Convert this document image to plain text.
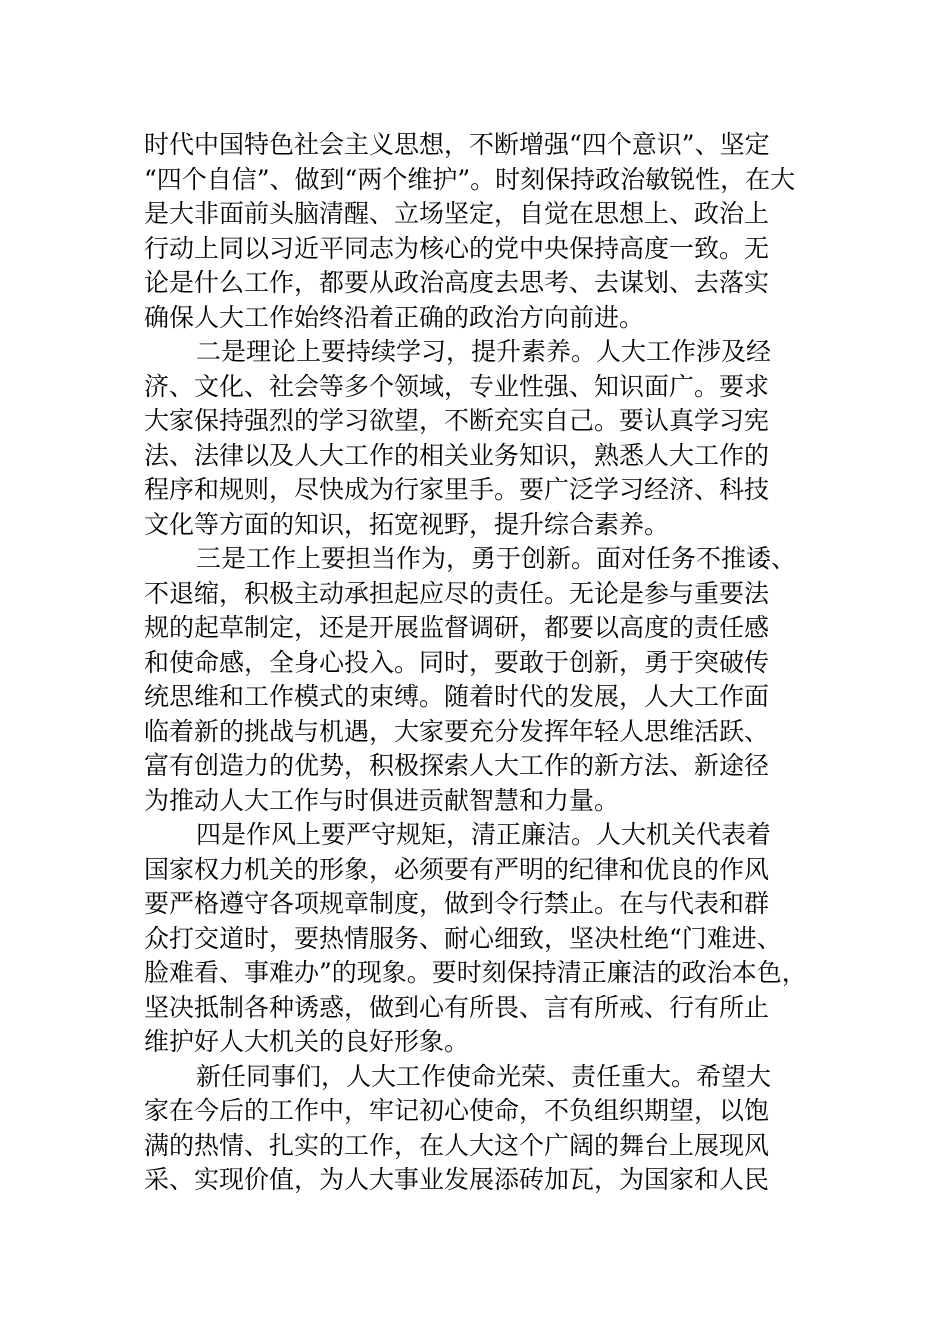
时代中国特色社会主义思想，不断增强“四个意识”、坚定
“四个自信”、做到“两个维护”。时刻保持政治敏锐性，在大
是大非面前头脑清醒、立场坚定，自觉在思想上、政治上
行动上同以习近平同志为核心的党中央保持高度一致。无
论是什么工作，都要从政治高度去思考、去谋划、去落实
确保人大工作始终沿着正确的政治方向前进。
二是理论上要持续学习，提升素养。人大工作涉及经
济、文化、社会等多个领域，专业性强、知识面广。要求
大家保持强烈的学习欲望，不断充实自己。要认真学习宪
法、法律以及人大工作的相关业务知识，熟悉人大工作的
程序和规则，尽快成为行家里手。要广泛学习经济、科技
文化等方面的知识，拓宽视野，提升综合素养。
三是工作上要担当作为，勇于创新。面对任务不推诿、
不退缩，积极主动承担起应尽的责任。无论是参与重要法
规的起草制定，还是开展监督调研，都要以高度的责任感
和使命感，全身心投入。同时，要敢于创新，勇于突破传
统思维和工作模式的束缚。随着时代的发展，人大工作面
临着新的挑战与机遇，大家要充分发挥年轻人思维活跃、
富有创造力的优势，积极探索人大工作的新方法、新途径
为推动人大工作与时俱进贡献智慧和力量。
四是作风上要严守规矩，清正廉洁。人大机关代表着
国家权力机关的形象，必须要有严明的纪律和优良的作风
要严格遵守各项规章制度，做到令行禁止。在与代表和群
众打交道时，要热情服务、耐心细致，坚决杜绝“门难进、
脸难看、事难办”的现象。要时刻保持清正廉洁的政治本色，
坚决抵制各种诱惑，做到心有所畏、言有所戒、行有所止
维护好人大机关的良好形象。
新任同事们，人大工作使命光荣、责任重大。希望大
家在今后的工作中，牢记初心使命，不负组织期望，以饱
满的热情、扎实的工作，在人大这个广阔的舞台上展现风
采、实现价值，为人大事业发展添砖加瓦，为国家和人民
